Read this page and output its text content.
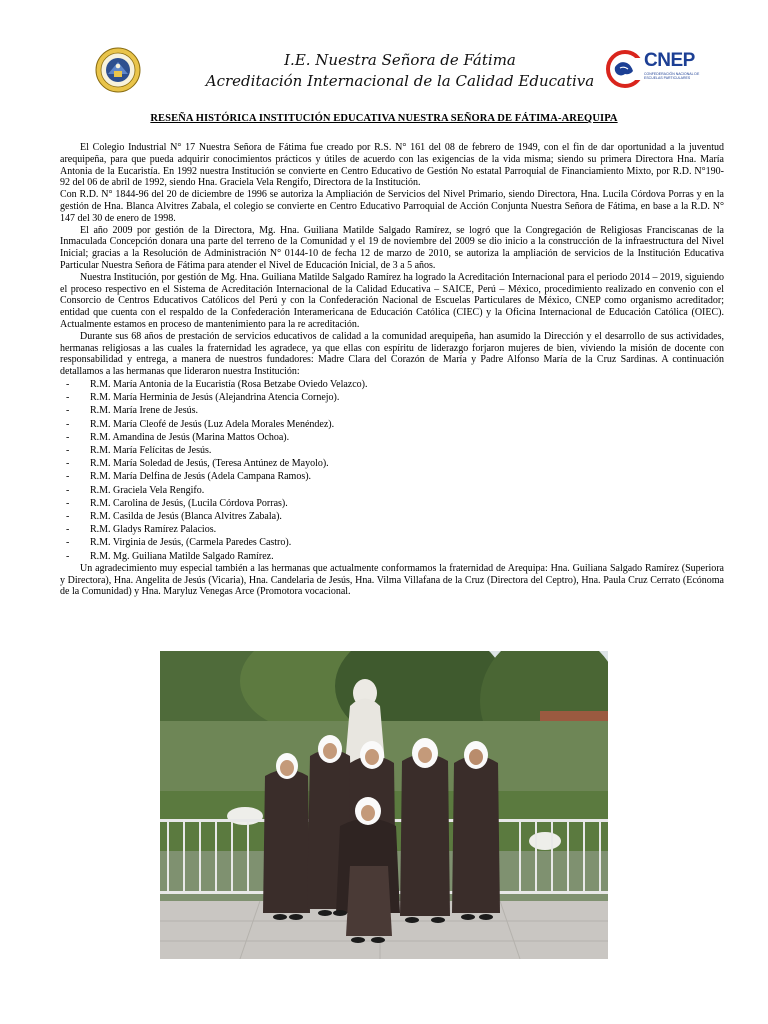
I.E. Nuestra Señora de Fátima
Acreditación Internacional de la Calidad Educativa
CNEP
CONFEDERACIÓN NACIONAL DE ESCUELAS PARTICULARES
RESEÑA HISTÓRICA INSTITUCIÓN EDUCATIVA NUESTRA SEÑORA DE FÁTIMA-AREQUIPA

El Colegio Industrial N° 17 Nuestra Señora de Fátima fue creado por R.S. N° 161 del 08 de febrero de 1949, con el fin de dar oportunidad a la juventud arequipeña, para que pueda adquirir conocimientos prácticos y útiles de acuerdo con las exigencias de la vida misma; siendo su primera Directora Hna. María Antonia de la Eucaristía. En 1992 nuestra Institución se convierte en Centro Educativo de Gestión No estatal Parroquial de Financiamiento Mixto, por R.D. N°190-92 del 06 de abril de 1992, siendo Hna. Graciela Vela Rengifo, Directora de la Institución.

Con R.D. N° 1844-96 del 20 de diciembre de 1996 se autoriza la Ampliación de Servicios del Nivel Primario, siendo Directora, Hna. Lucila Córdova Porras y en la gestión de Hna. Blanca Alvitres Zabala, el colegio se convierte en Centro Educativo Parroquial de Acción Conjunta Nuestra Señora de Fátima, en base a la R.D. N° 147 del 30 de enero de 1998.

El año 2009 por gestión de la Directora, Mg. Hna. Guiliana Matilde Salgado Ramírez, se logró que la Congregación de Religiosas Franciscanas de la Inmaculada Concepción donara una parte del terreno de la Comunidad y el 19 de noviembre del 2009 se dio inicio a la construcción de la infraestructura del Nivel Inicial; gracias a la Resolución de Administración N° 0144-10 de fecha 12 de marzo de 2010, se autoriza la ampliación de servicios de la Institución Educativa Particular Nuestra Señora de Fátima para atender el Nivel de Educación Inicial, de 3 a 5 años.

Nuestra Institución, por gestión de Mg. Hna. Guiliana Matilde Salgado Ramírez ha logrado la Acreditación Internacional para el periodo 2014 – 2019, siguiendo el proceso respectivo en el Sistema de Acreditación Internacional de la Calidad Educativa – SAICE, Perú – México, procedimiento realizado en convenio con el Consorcio de Centros Educativos Católicos del Perú y con la Confederación Nacional de Escuelas Particulares de México, CNEP como organismo acreditador; entidad que cuenta con el respaldo de la Confederación Interamericana de Educación Católica (CIEC) y la Oficina Internacional de Educación Católica (OIEC). Actualmente estamos en proceso de mantenimiento para la re acreditación.

Durante sus 68 años de prestación de servicios educativos de calidad a la comunidad arequipeña, han asumido la Dirección y el desarrollo de sus actividades, hermanas religiosas a las cuales la fraternidad les agradece, ya que ellas con espíritu de liderazgo forjaron mujeres de bien, viviendo la misión de docente con responsabilidad y entrega, a manera de nuestros fundadores: Madre Clara del Corazón de María y Padre Alfonso María de la Cruz Sardinas. A continuación detallamos a las hermanas que lideraron nuestra Institución:

- R.M. María Antonia de la Eucaristía (Rosa Betzabe Oviedo Velazco).
- R.M. María Herminia de Jesús (Alejandrina Atencia Cornejo).
- R.M. María Irene de Jesús.
- R.M. María Cleofé de Jesús (Luz Adela Morales Menéndez).
- R.M. Amandina de Jesús (Marina Mattos Ochoa).
- R.M. María Felícitas de Jesús.
- R.M. María Soledad de Jesús, (Teresa Antúnez de Mayolo).
- R.M. María Delfina de Jesús (Adela Campana Ramos).
- R.M. Graciela Vela Rengifo.
- R.M. Carolina de Jesús, (Lucila Córdova Porras).
- R.M. Casilda de Jesús (Blanca Alvitres Zabala).
- R.M. Gladys Ramírez Palacios.
- R.M. Virginia de Jesús, (Carmela Paredes Castro).
- R.M. Mg. Guiliana Matilde Salgado Ramírez.

Un agradecimiento muy especial también a las hermanas que actualmente conformamos la fraternidad de Arequipa: Hna. Guiliana Salgado Ramírez (Superiora y Directora), Hna. Angelita de Jesús (Vicaria), Hna. Candelaria de Jesús, Hna. Vilma Villafana de la Cruz (Directora del Ceptro), Hna. Paula Cruz Cerrato (Ecónoma de la Comunidad) y Hna. Maryluz Venegas Arce (Promotora vocacional.
